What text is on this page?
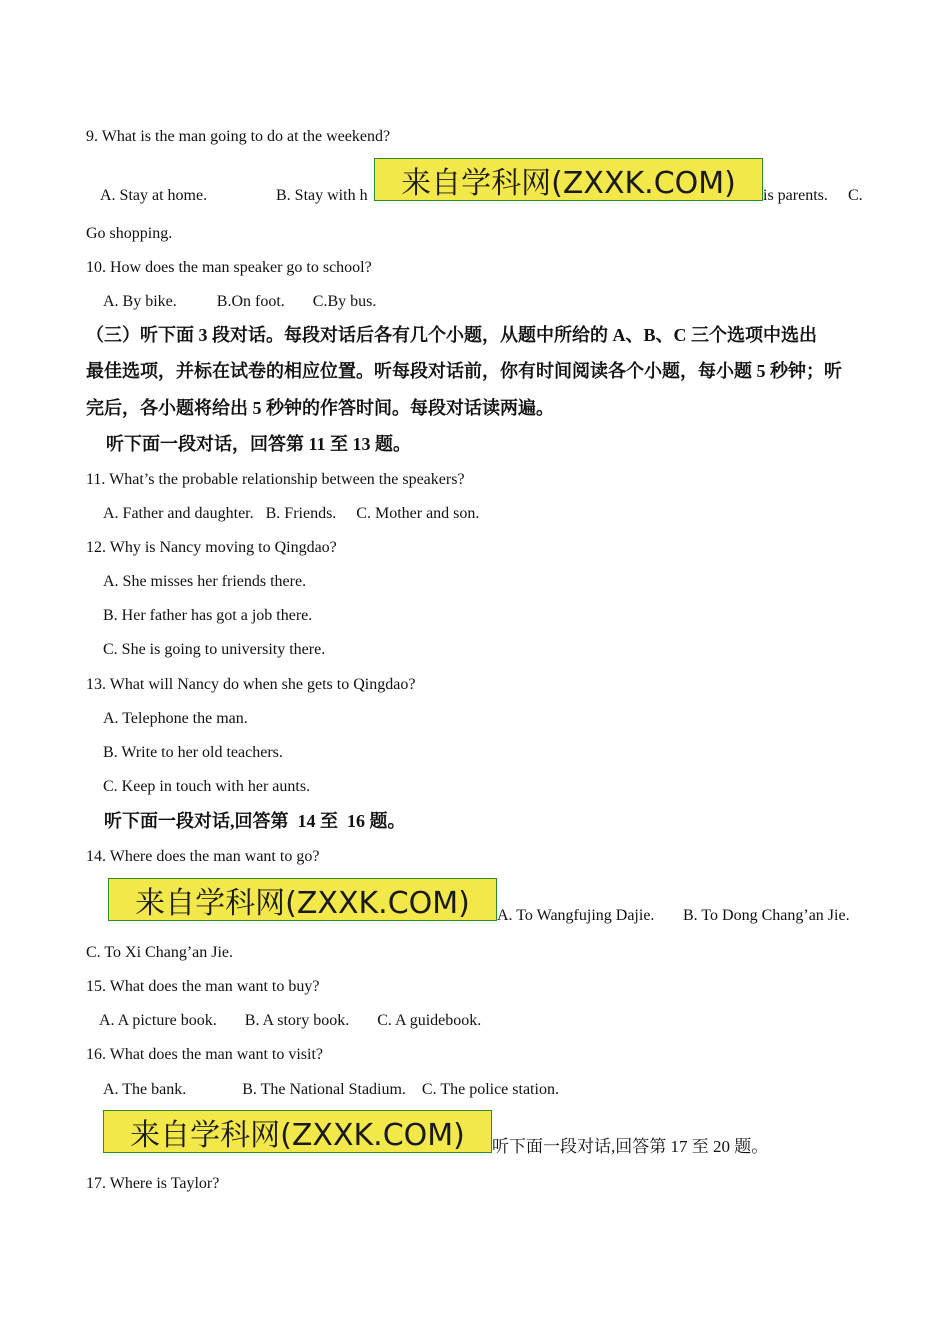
9. What is the man going to do at the weekend?
A. Stay at home.	B. Stay with h	来自学科网(ZXXK.COM)	is parents. C.
Go shopping.
10. How does the man speaker go to school?
A. By bike.          B.On foot.       C.By bus.
（三）听下面 3 段对话。每段对话后各有几个小题，从题中所给的 A、B、C 三个选项中选出
最佳选项，并标在试卷的相应位置。听每段对话前，你有时间阅读各个小题，每小题 5 秒钟；听
完后，各小题将给出 5 秒钟的作答时间。每段对话读两遍。
听下面一段对话，回答第 11 至 13 题。
11. What’s the probable relationship between the speakers?
A. Father and daughter.   B. Friends.     C. Mother and son.
12. Why is Nancy moving to Qingdao?
A. She misses her friends there.
B. Her father has got a job there.
C. She is going to university there.
13. What will Nancy do when she gets to Qingdao?
A. Telephone the man.
B. Write to her old teachers.
C. Keep in touch with her aunts.
听下面一段对话,回答第  14 至  16 题。
14. Where does the man want to go?
来自学科网(ZXXK.COM)	A. To Wangfujing Dajie. B. To Dong Chang’an Jie.
C. To Xi Chang’an Jie.
15. What does the man want to buy?
A. A picture book.       B. A story book.       C. A guidebook.
16. What does the man want to visit?
A. The bank.              B. The National Stadium.    C. The police station.
来自学科网(ZXXK.COM)	听下面一段对话,回答第 17 至 20 题。
17. Where is Taylor?
